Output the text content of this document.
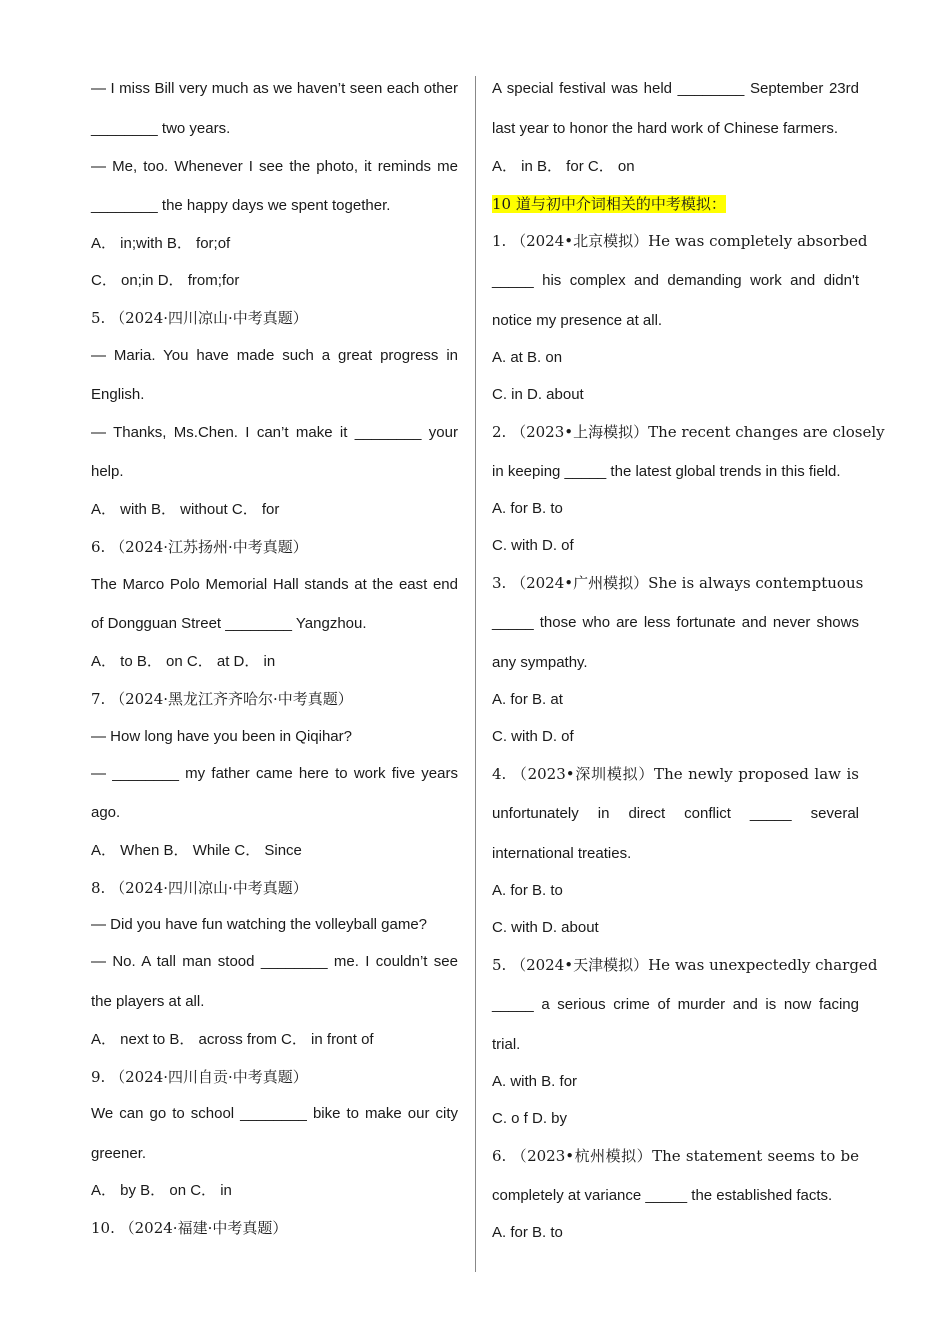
— I miss Bill very much as we haven’t seen each other
________ two years.
— Me, too. Whenever I see the photo, it reminds me
________ the happy days we spent together.
A． in;with B． for;of
C． on;in D． from;for
5. （2024·四川凉山·中考真题）
— Maria. You have made such a great progress in
English.
— Thanks, Ms.Chen. I can’t make it ________ your
help.
A． with B． without C． for
6. （2024·江苏扬州·中考真题）
The Marco Polo Memorial Hall stands at the east end
of Dongguan Street ________ Yangzhou.
A． to B． on C． at D． in
7. （2024·黑龙江齐齐哈尔·中考真题）
— How long have you been in Qiqihar?
— ________ my father came here to work five years
ago.
A． When B． While C． Since
8. （2024·四川凉山·中考真题）
— Did you have fun watching the volleyball game?
— No. A tall man stood ________ me. I couldn’t see
the players at all.
A． next to B． across from C． in front of
9. （2024·四川自贡·中考真题）
We can go to school ________ bike to make our city
greener.
A． by B． on C． in
10. （2024·福建·中考真题）
A special festival was held ________ September 23rd
last year to honor the hard work of Chinese farmers.
A． in B． for C． on
10 道与初中介词相关的中考模拟：
1. （2024•北京模拟）He was completely absorbed
_____ his complex and demanding work and didn't
notice my presence at all.
A. at B. on
C. in D. about
2. （2023•上海模拟）The recent changes are closely
in keeping _____ the latest global trends in this field.
A. for B. to
C. with D. of
3. （2024•广州模拟）She is always contemptuous
_____ those who are less fortunate and never shows
any sympathy.
A. for B. at
C. with D. of
4. （2023•深圳模拟）The newly proposed law is
unfortunately in direct conflict _____ several
international treaties.
A. for B. to
C. with D. about
5. （2024•天津模拟）He was unexpectedly charged
_____ a serious crime of murder and is now facing
trial.
A. with B. for
C. o f D. by
6. （2023•杭州模拟）The statement seems to be
completely at variance _____ the established facts.
A. for B. to
